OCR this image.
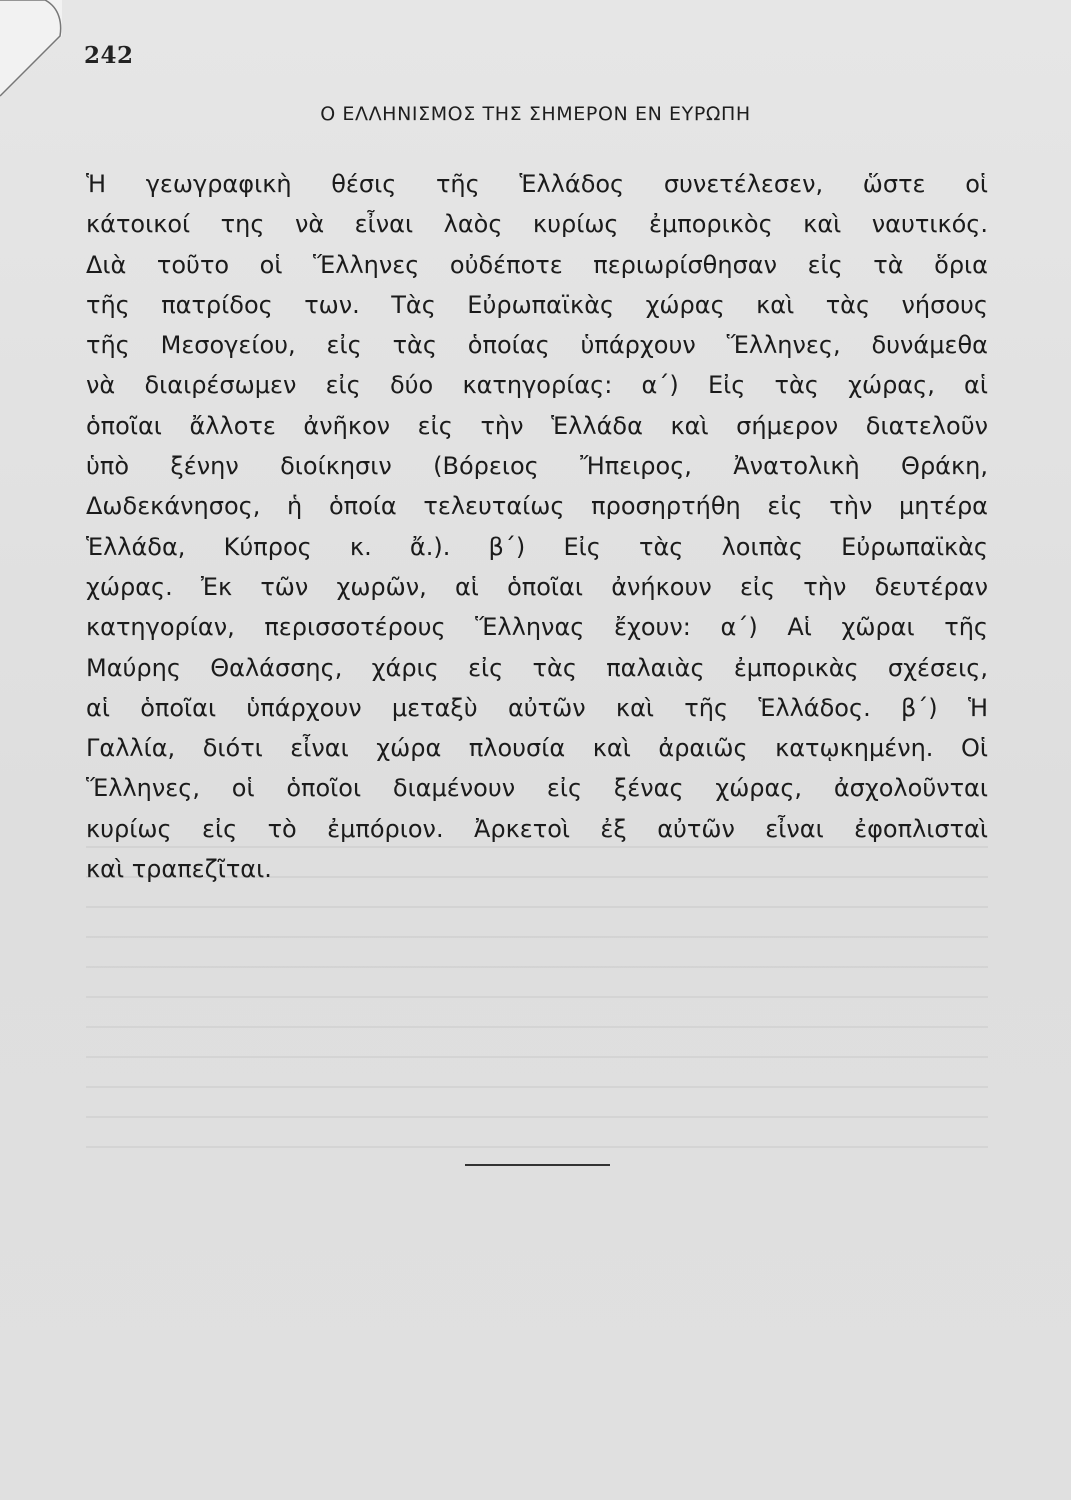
242
Ο ΕΛΛΗΝΙΣΜΟΣ ΤΗΣ ΣΗΜΕΡΟΝ ΕΝ ΕΥΡΩΠΗ
Ἡ γεωγραφικὴ θέσις τῆς Ἑλλάδος συνετέλεσεν, ὥστε οἱ
κάτοικοί της νὰ εἶναι λαὸς κυρίως ἐμπορικὸς καὶ ναυτικός.
Διὰ τοῦτο οἱ Ἕλληνες οὐδέποτε περιωρίσθησαν εἰς τὰ ὅρια
τῆς πατρίδος των. Τὰς Εὐρωπαϊκὰς χώρας καὶ τὰς νήσους
τῆς Μεσογείου, εἰς τὰς ὁποίας ὑπάρχουν Ἕλληνες, δυνάμεθα
νὰ διαιρέσωμεν εἰς δύο κατηγορίας: α΄) Εἰς τὰς χώρας, αἱ
ὁποῖαι ἄλλοτε ἀνῆκον εἰς τὴν Ἑλλάδα καὶ σήμερον διατελοῦν
ὑπὸ ξένην διοίκησιν (Βόρειος Ἤπειρος, Ἀνατολικὴ Θράκη,
Δωδεκάνησος, ἡ ὁποία τελευταίως προσηρτήθη εἰς τὴν μητέρα
Ἑλλάδα, Κύπρος κ. ἄ.). β΄) Εἰς τὰς λοιπὰς Εὐρωπαϊκὰς
χώρας. Ἐκ τῶν χωρῶν, αἱ ὁποῖαι ἀνήκουν εἰς τὴν δευτέραν
κατηγορίαν, περισσοτέρους Ἕλληνας ἔχουν: α΄) Αἱ χῶραι τῆς
Μαύρης Θαλάσσης, χάρις εἰς τὰς παλαιὰς ἐμπορικὰς σχέσεις,
αἱ ὁποῖαι ὑπάρχουν μεταξὺ αὐτῶν καὶ τῆς Ἑλλάδος. β΄) Ἡ
Γαλλία, διότι εἶναι χώρα πλουσία καὶ ἀραιῶς κατῳκημένη. Οἱ
Ἕλληνες, οἱ ὁποῖοι διαμένουν εἰς ξένας χώρας, ἀσχολοῦνται
κυρίως εἰς τὸ ἐμπόριον. Ἀρκετοὶ ἐξ αὐτῶν εἶναι ἐφοπλισταὶ
καὶ τραπεζῖται.
